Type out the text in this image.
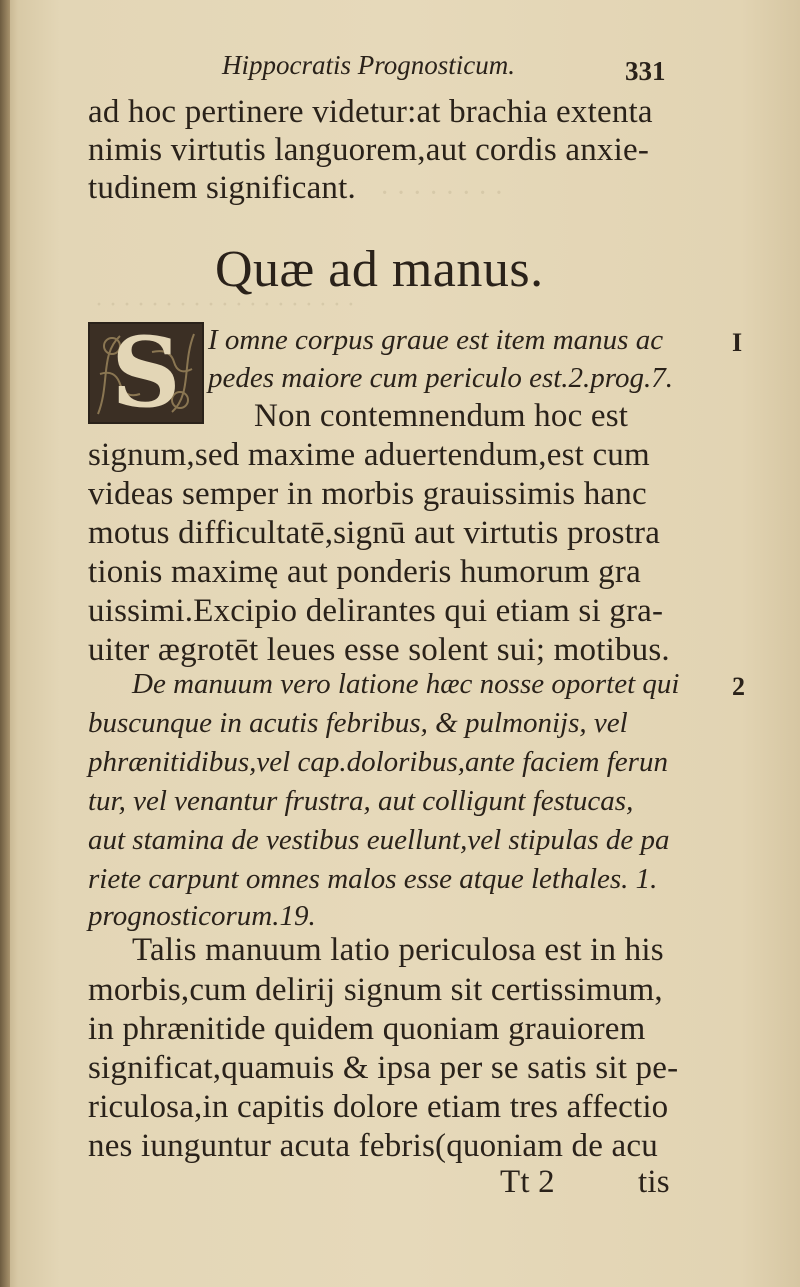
· · · · · · · ·
· · · · · · · · · · · · · · · · · · ·

Hippocratis Prognosticum.	331

ad hoc pertinere videtur:at brachia extenta

nimis virtutis languorem,aut cordis anxie-

tudinem significant.

Quæ ad manus.

S	I

I omne corpus graue est item manus ac

pedes maiore cum periculo est.2.prog.7.

Non contemnendum hoc est

signum,sed maxime aduertendum,est cum

videas semper in morbis grauissimis hanc

motus difficultatē,signū aut virtutis prostra

tionis maximę aut ponderis humorum gra

uissimi.Excipio delirantes qui etiam si gra-

uiter ægrotēt leues esse solent sui; motibus.

2

De manuum vero latione hæc nosse oportet qui

buscunque in acutis febribus, & pulmonijs, vel

phrænitidibus,vel cap.doloribus,ante faciem ferun

tur, vel venantur frustra, aut colligunt festucas,

aut stamina de vestibus euellunt,vel stipulas de pa

riete carpunt omnes malos esse atque lethales. 1.

prognosticorum.19.

Talis manuum latio periculosa est in his

morbis,cum delirij signum sit certissimum,

in phrænitide quidem quoniam grauiorem

significat,quamuis & ipsa per se satis sit pe-

riculosa,in capitis dolore etiam tres affectio

nes iunguntur acuta febris(quoniam de acu

Tt 2	tis
